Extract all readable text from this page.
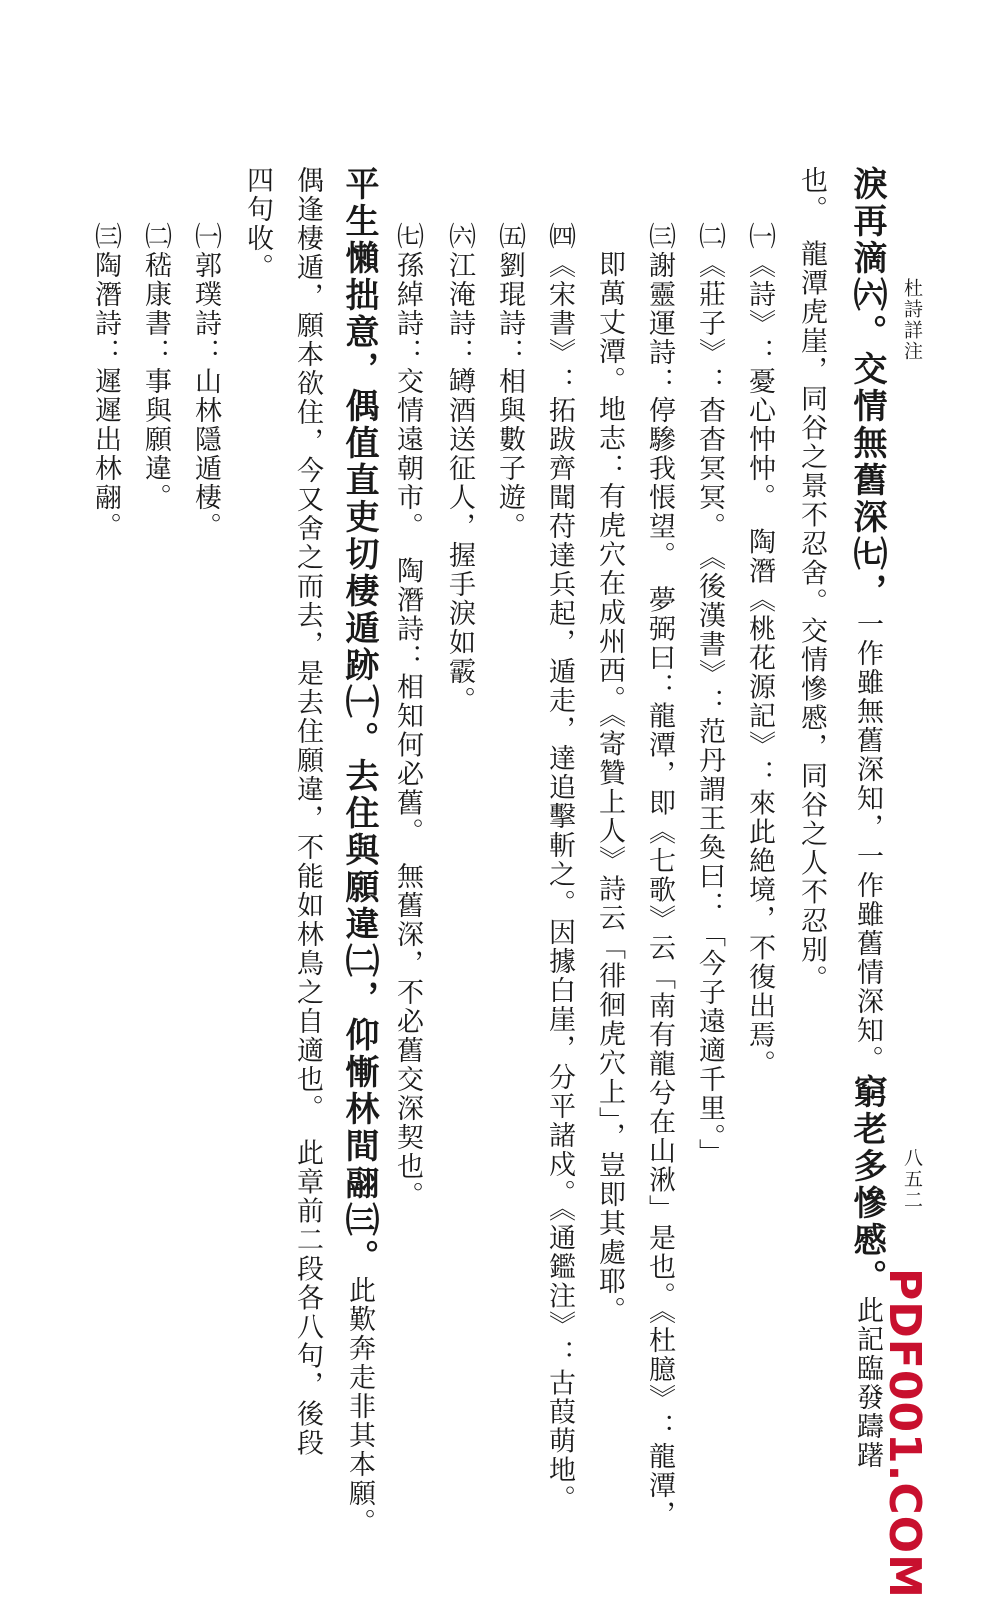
杜詩詳注
八五二
PDF001.COM
淚再滴㈥。交情無舊深㈦，一作雖無舊深知，一作雖舊情深知。窮老多慘慼。此記臨發躊躇
也。　龍潭虎崖，同谷之景不忍舍。交情慘慼，同谷之人不忍別。
㈠《詩》：憂心忡忡。　陶潛《桃花源記》：來此絶境，不復出焉。
㈡《莊子》：杳杳冥冥。　《後漢書》：范丹謂王奐曰：「今子遠適千里。」
㈢謝靈運詩：停驂我悵望。　夢弼曰：龍潭，即《七歌》云「南有龍兮在山湫」是也。《杜臆》：龍潭，
即萬丈潭。地志：有虎穴在成州西。《寄贊上人》詩云「徘徊虎穴上」，豈即其處耶。
㈣《宋書》：拓跋齊聞苻達兵起，遁走，達追擊斬之。因據白崖，分平諸戍。《通鑑注》：古葭萌地。
㈤劉琨詩：相與數子遊。
㈥江淹詩：罇酒送征人，握手淚如霰。
㈦孫綽詩：交情遠朝市。　陶潛詩：相知何必舊。　無舊深，不必舊交深契也。
平生懶拙意，偶值直吏切棲遁跡㈠。去住與願違㈡，仰慚林間翮㈢。此歎奔走非其本願。
偶逢棲遁，願本欲住，今又舍之而去，是去住願違，不能如林鳥之自適也。　此章前二段各八句，後段
四句收。
㈠郭璞詩：山林隱遁棲。
㈡嵇康書：事與願違。
㈢陶潛詩：遲遲出林翮。
